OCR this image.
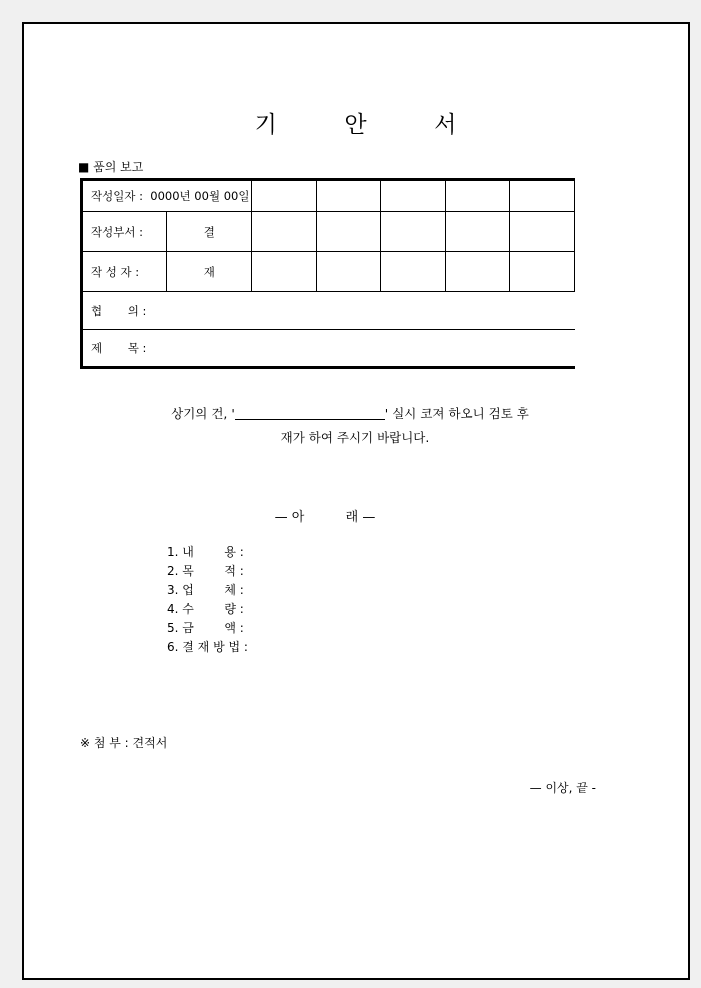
기        안        서
■ 품의 보고
작성일자 :  0000년 00월 00일						
작성부서 :	결					
작 성 자 :	재					
협       의 :						
제       목 :						
상기의 건, '	' 실시 코져 하오니 검토 후
재가 하여 주시기 바랍니다.
— 아          래 —
1. 내        용 :
2. 목        적 :
3. 업        체 :
4. 수        량 :
5. 금        액 :
6. 결 재 방 법 :
※ 첨 부 : 견적서
— 이상, 끝 -
